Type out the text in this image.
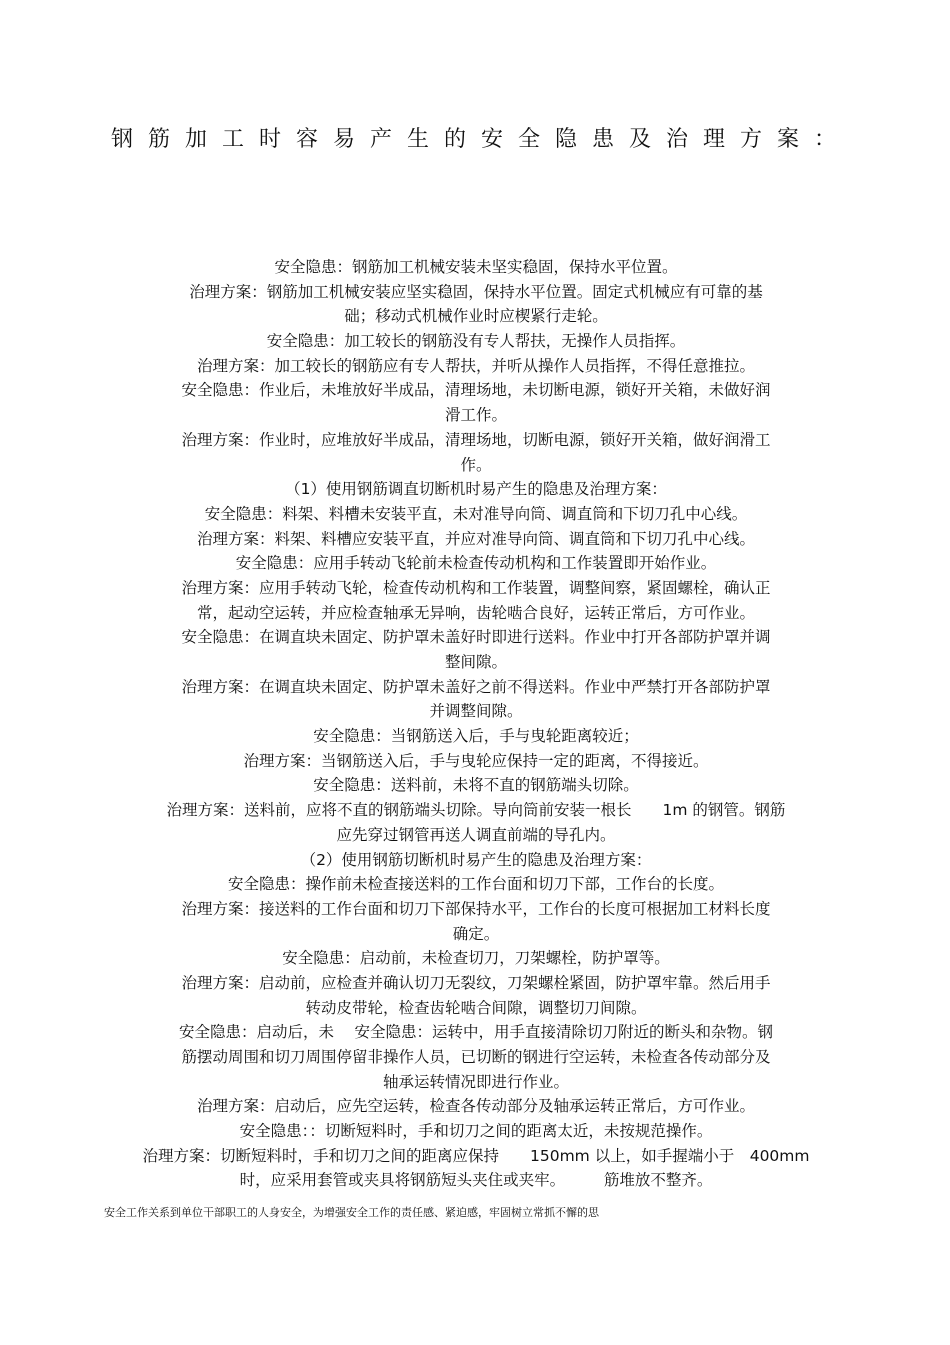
钢筋加工时容易产生的安全隐患及治理方案：
安全隐患：钢筋加工机械安装未坚实稳固，保持水平位置。
治理方案：钢筋加工机械安装应坚实稳固，保持水平位置。固定式机械应有可靠的基
础；移动式机械作业时应楔紧行走轮。
安全隐患：加工较长的钢筋没有专人帮扶，无操作人员指挥。
治理方案：加工较长的钢筋应有专人帮扶，并听从操作人员指挥，不得任意推拉。
安全隐患：作业后，未堆放好半成品，清理场地，未切断电源，锁好开关箱，未做好润
滑工作。
治理方案：作业时，应堆放好半成品，清理场地，切断电源，锁好开关箱，做好润滑工
作。
（1）使用钢筋调直切断机时易产生的隐患及治理方案：
安全隐患：料架、料槽未安装平直，未对准导向筒、调直筒和下切刀孔中心线。
治理方案：料架、料槽应安装平直，并应对准导向筒、调直筒和下切刀孔中心线。
安全隐患：应用手转动飞轮前未检查传动机构和工作装置即开始作业。
治理方案：应用手转动飞轮，检查传动机构和工作装置，调整间察，紧固螺栓，确认正
常，起动空运转，并应检查轴承无异响，齿轮啮合良好，运转正常后，方可作业。
安全隐患：在调直块未固定、防护罩未盖好时即进行送料。作业中打开各部防护罩并调
整间隙。
治理方案：在调直块未固定、防护罩未盖好之前不得送料。作业中严禁打开各部防护罩
并调整间隙。
安全隐患：当钢筋送入后，手与曳轮距离较近；
治理方案：当钢筋送入后，手与曳轮应保持一定的距离，不得接近。
安全隐患：送料前，未将不直的钢筋端头切除。
治理方案：送料前，应将不直的钢筋端头切除。导向筒前安装一根长　　1m 的钢管。钢筋
应先穿过钢管再送人调直前端的导孔内。
（2）使用钢筋切断机时易产生的隐患及治理方案：
安全隐患：操作前未检查接送料的工作台面和切刀下部，工作台的长度。
治理方案：接送料的工作台面和切刀下部保持水平，工作台的长度可根据加工材料长度
确定。
安全隐患：启动前，未检查切刀，刀架螺栓，防护罩等。
治理方案：启动前，应检查并确认切刀无裂纹，刀架螺栓紧固，防护罩牢靠。然后用手
转动皮带轮，检查齿轮啮合间隙，调整切刀间隙。
安全隐患：启动后，未　 安全隐患：运转中，用手直接清除切刀附近的断头和杂物。钢
筋摆动周围和切刀周围停留非操作人员，已切断的钢进行空运转，未检查各传动部分及
轴承运转情况即进行作业。
治理方案：启动后，应先空运转，检查各传动部分及轴承运转正常后，方可作业。
安全隐患：：切断短料时，手和切刀之间的距离太近，未按规范操作。
治理方案：切断短料时，手和切刀之间的距离应保持　　150mm 以上，如手握端小于　400mm
时，应采用套管或夹具将钢筋短头夹住或夹牢。　　　筋堆放不整齐。
安全工作关系到单位干部职工的人身安全，为增强安全工作的责任感、紧迫感，牢固树立常抓不懈的思
